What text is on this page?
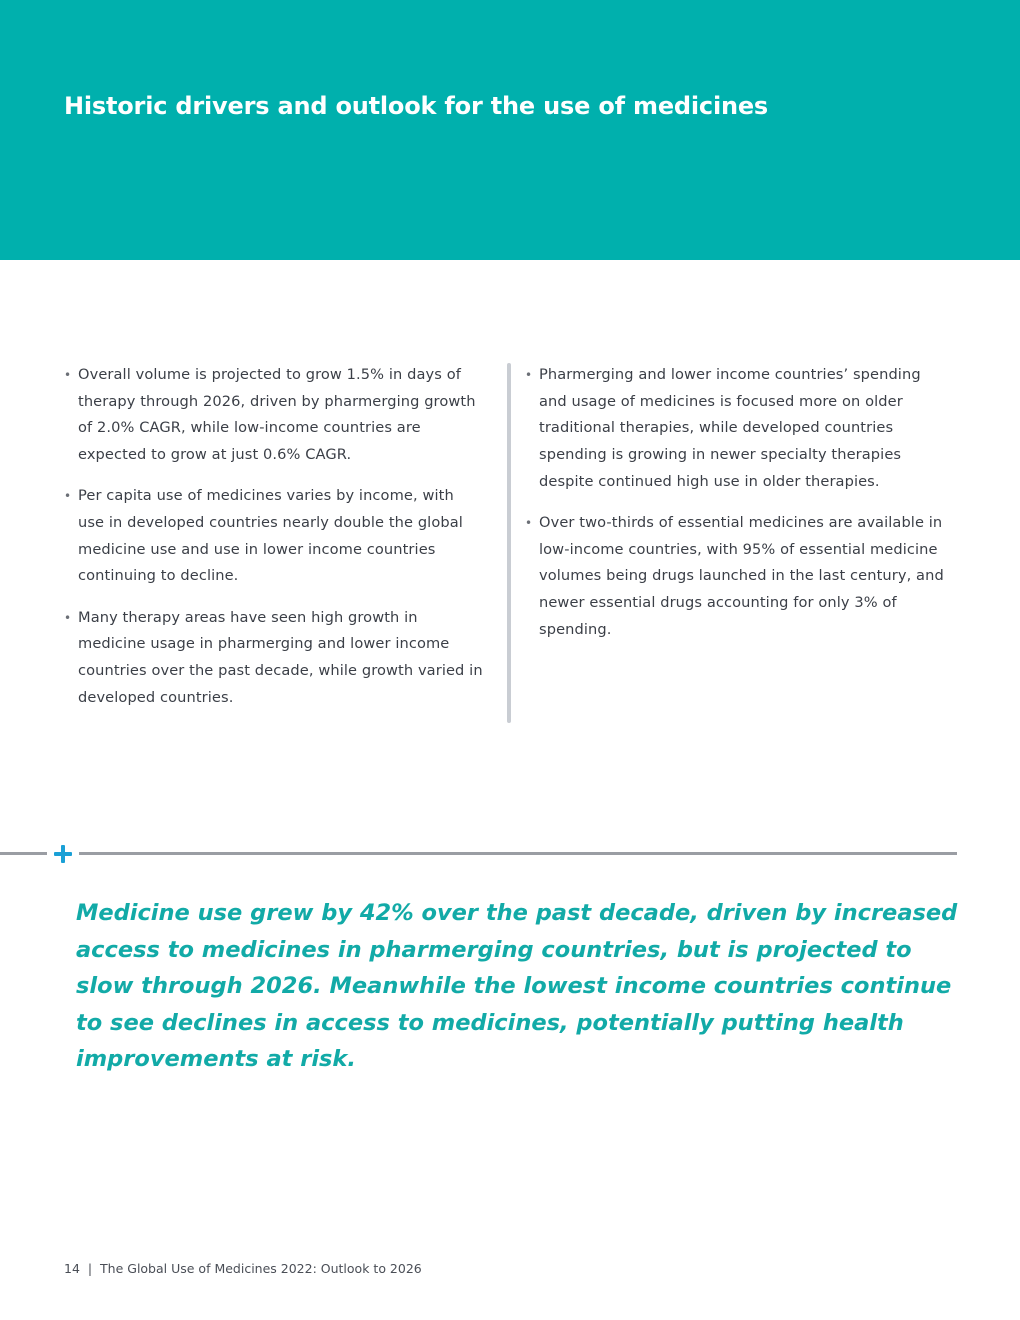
Historic drivers and outlook for the use of medicines
• Overall volume is projected to grow 1.5% in days of therapy through 2026, driven by pharmerging growth of 2.0% CAGR, while low-income countries are expected to grow at just 0.6% CAGR.
• Per capita use of medicines varies by income, with use in developed countries nearly double the global medicine use and use in lower income countries continuing to decline.
• Many therapy areas have seen high growth in medicine usage in pharmerging and lower income countries over the past decade, while growth varied in developed countries.
• Pharmerging and lower income countries’ spending and usage of medicines is focused more on older traditional therapies, while developed countries spending is growing in newer specialty therapies despite continued high use in older therapies.
• Over two-thirds of essential medicines are available in low-income countries, with 95% of essential medicine volumes being drugs launched in the last century, and newer essential drugs accounting for only 3% of spending.

Medicine use grew by 42% over the past decade, driven by increased access to medicines in pharmerging countries, but is projected to slow through 2026. Meanwhile the lowest income countries continue to see declines in access to medicines, potentially putting health improvements at risk.

14 | The Global Use of Medicines 2022: Outlook to 2026
